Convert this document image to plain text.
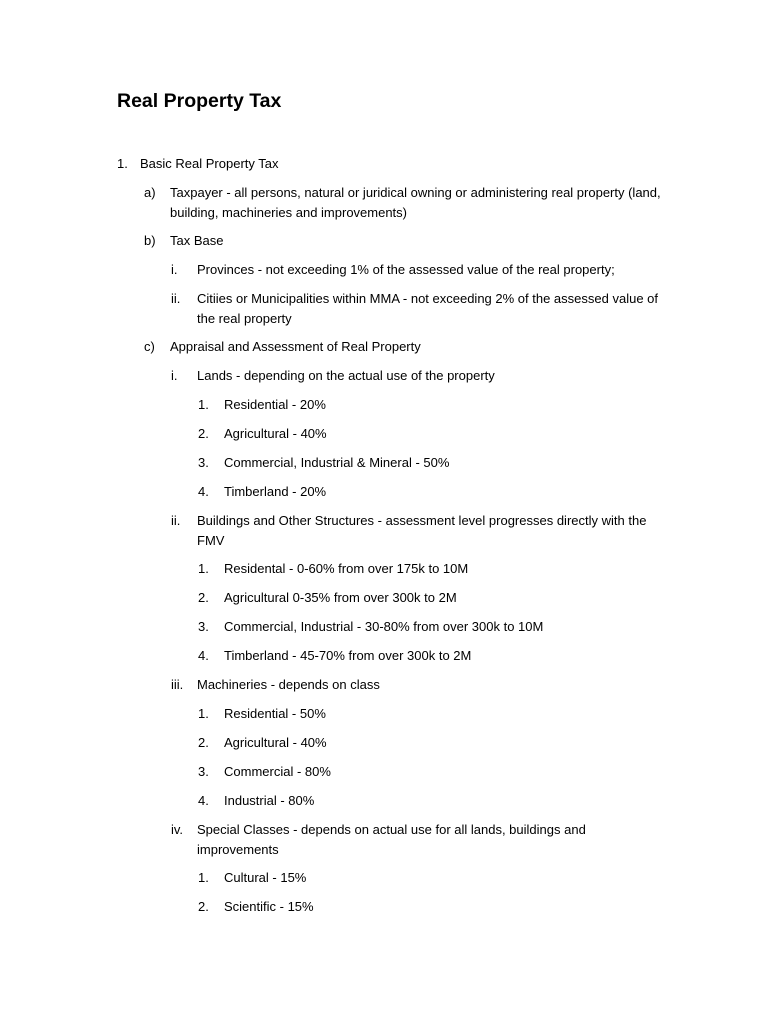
Real Property Tax
1. Basic Real Property Tax
a) Taxpayer - all persons, natural or juridical owning or administering real property (land, building, machineries and improvements)
b) Tax Base
i. Provinces - not exceeding 1% of the assessed value of the real property;
ii. Citiies or Municipalities within MMA - not exceeding 2% of the assessed value of the real property
c) Appraisal and Assessment of Real Property
i. Lands - depending on the actual use of the property
1. Residential - 20%
2. Agricultural - 40%
3. Commercial, Industrial & Mineral - 50%
4. Timberland - 20%
ii. Buildings and Other Structures - assessment level progresses directly with the FMV
1. Residental - 0-60% from over 175k to 10M
2. Agricultural 0-35% from over 300k to 2M
3. Commercial, Industrial - 30-80% from over 300k to 10M
4. Timberland - 45-70% from over 300k to 2M
iii. Machineries - depends on class
1. Residential - 50%
2. Agricultural - 40%
3. Commercial - 80%
4. Industrial - 80%
iv. Special Classes - depends on actual use for all lands, buildings and improvements
1. Cultural - 15%
2. Scientific - 15%
